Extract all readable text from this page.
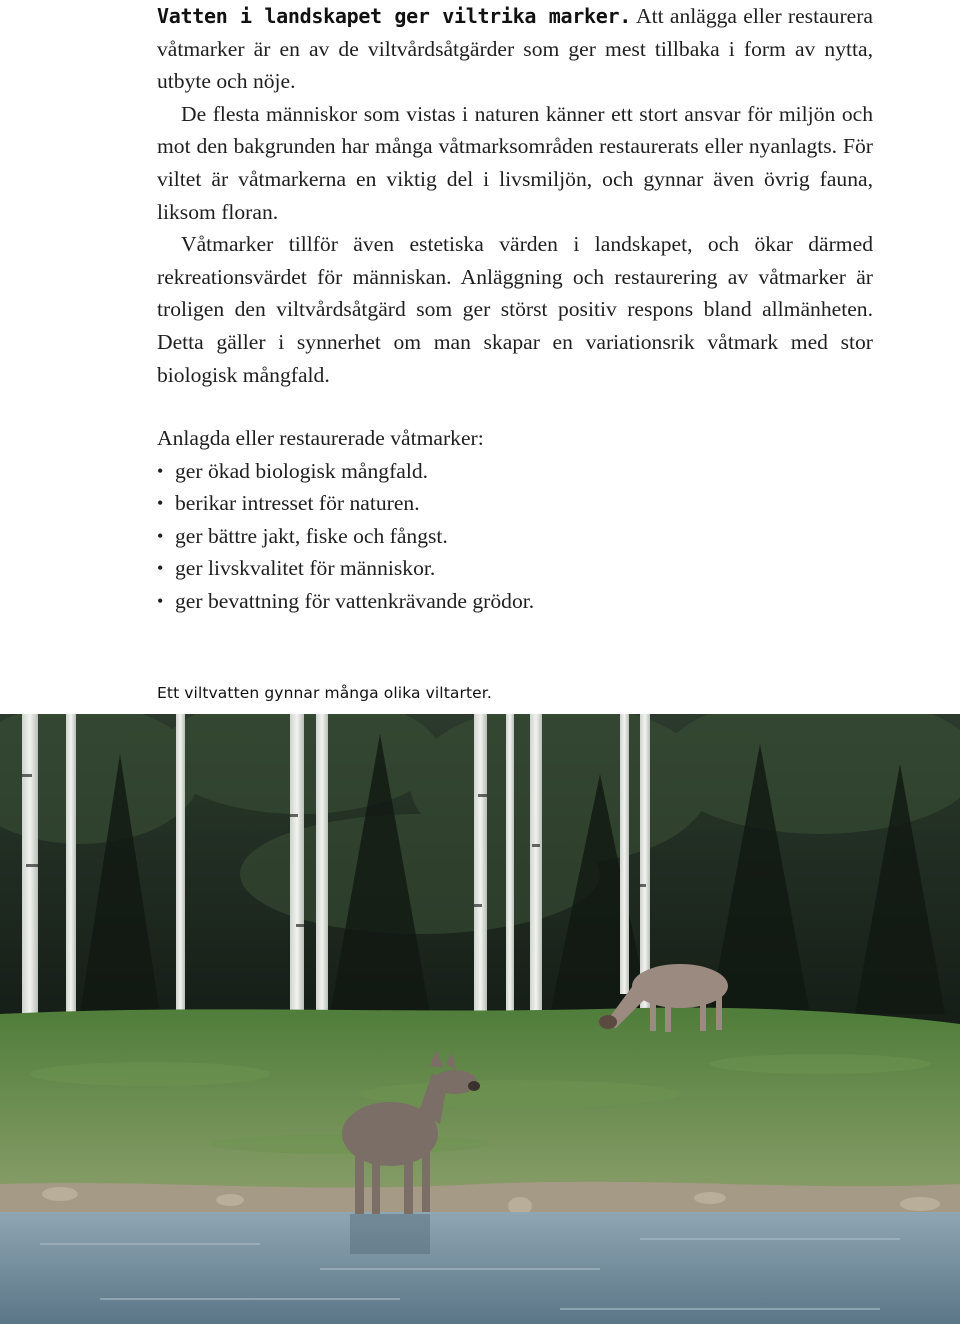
Vatten i landskapet ger viltrika marker. Att anlägga eller restaurera våtmarker är en av de viltvårdsåtgärder som ger mest tillbaka i form av nytta, utbyte och nöje.

De flesta människor som vistas i naturen känner ett stort ansvar för miljön och mot den bakgrunden har många våtmarksområden restaurerats eller nyanlagts. För viltet är våtmarkerna en viktig del i livsmiljön, och gynnar även övrig fauna, liksom floran.

Våtmarker tillför även estetiska värden i landskapet, och ökar därmed rekreationsvärdet för människan. Anläggning och restaurering av våtmarker är troligen den viltvårdsåtgärd som ger störst positiv respons bland allmänheten. Detta gäller i synnerhet om man skapar en variationsrik våtmark med stor biologisk mångfald.

Anlagda eller restaurerade våtmarker:

• ger ökad biologisk mångfald.
• berikar intresset för naturen.
• ger bättre jakt, fiske och fångst.
• ger livskvalitet för människor.
• ger bevattning för vattenkrävande grödor.
Ett viltvatten gynnar många olika viltarter.
